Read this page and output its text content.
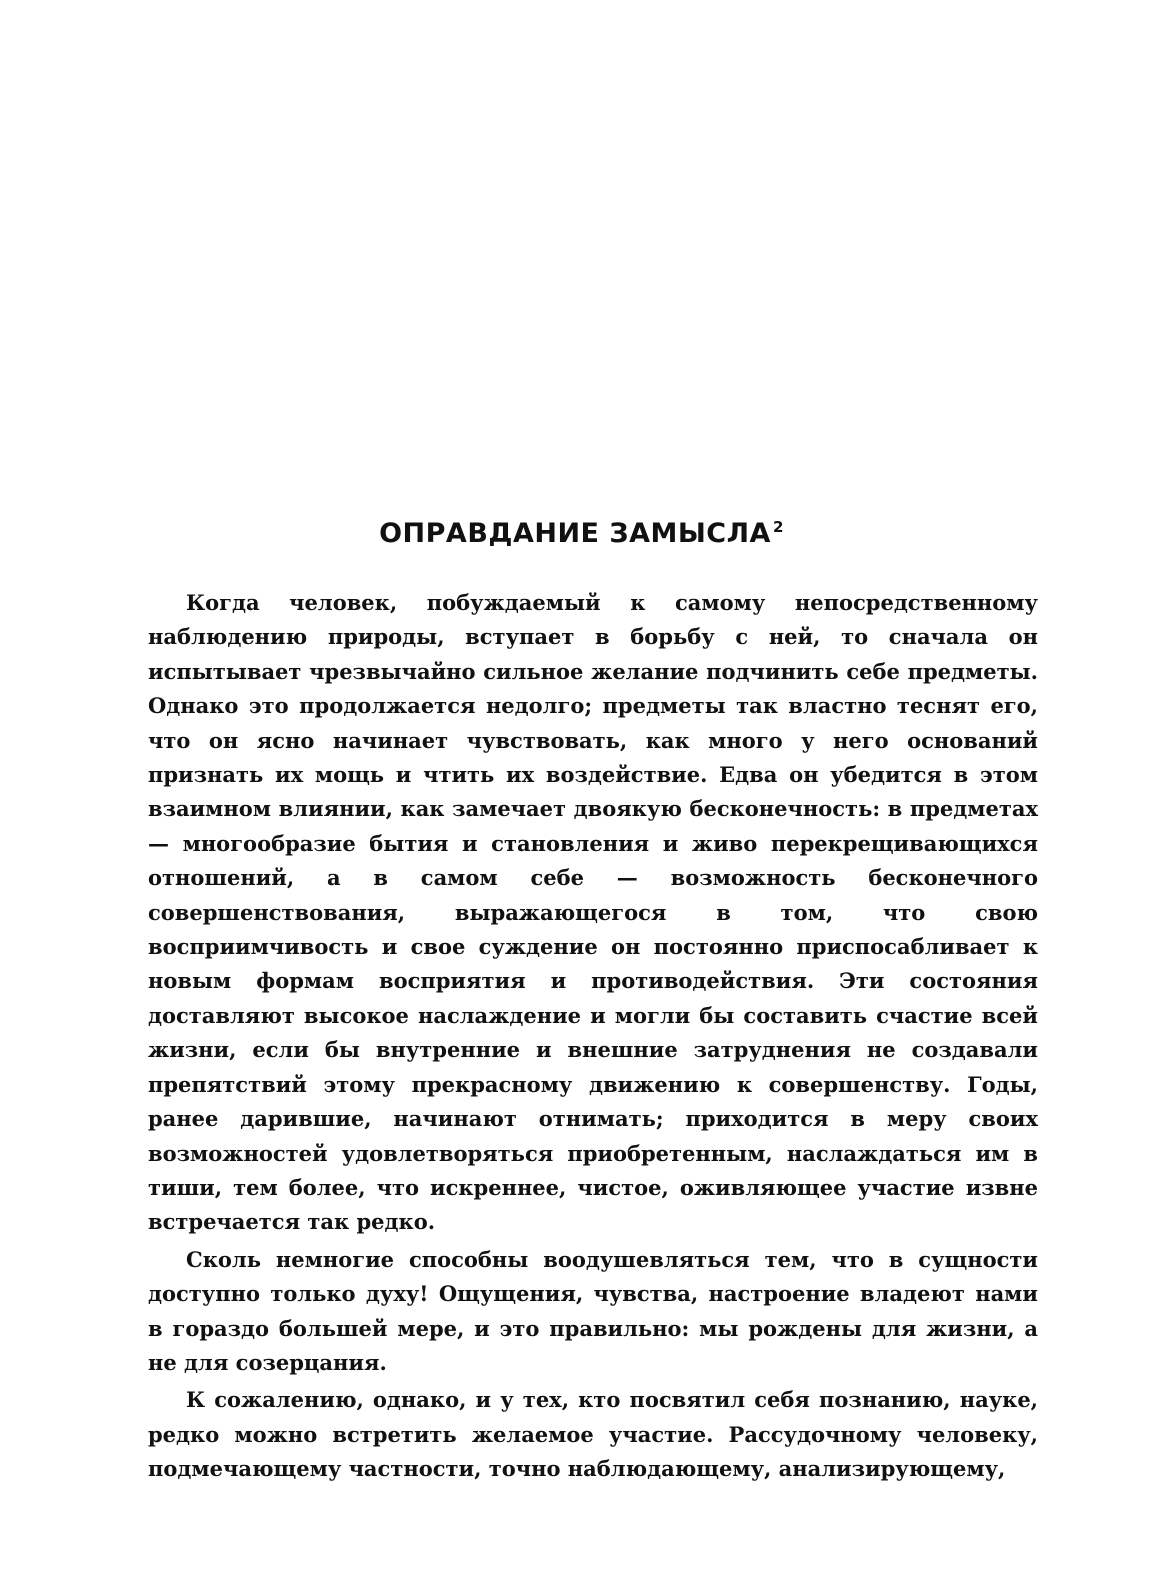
ОПРАВДАНИЕ ЗАМЫСЛА $^2$

Когда человек, побуждаемый к самому непосредственному наблюдению природы, вступает в борьбу с ней, то сначала он испытывает чрезвычайно сильное желание подчинить себе предметы. Однако это продолжается недолго; предметы так властно теснят его, что он ясно начинает чувствовать, как много у него оснований признать их мощь и чтить их воздействие. Едва он убедится в этом взаимном влиянии, как замечает двоякую бесконечность: в предметах — многообразие бытия и становления и живо перекрещивающихся отношений, а в самом себе — возможность бесконечного совершенствования, выражающегося в том, что свою восприимчивость и свое суждение он постоянно приспосабливает к новым формам восприятия и противодействия. Эти состояния доставляют высокое наслаждение и могли бы составить счастие всей жизни, если бы внутренние и внешние затруднения не создавали препятствий этому прекрасному движению к совершенству. Годы, ранее дарившие, начинают отнимать; приходится в меру своих возможностей удовлетворяться приобретенным, наслаждаться им в тиши, тем более, что искреннее, чистое, оживляющее участие извне встречается так редко.

Сколь немногие способны воодушевляться тем, что в сущности доступно только духу! Ощущения, чувства, настроение владеют нами в гораздо большей мере, и это правильно: мы рождены для жизни, а не для созерцания.

К сожалению, однако, и у тех, кто посвятил себя познанию, науке, редко можно встретить желаемое участие. Рассудочному человеку, подмечающему частности, точно наблюдающему, анализирующему,
